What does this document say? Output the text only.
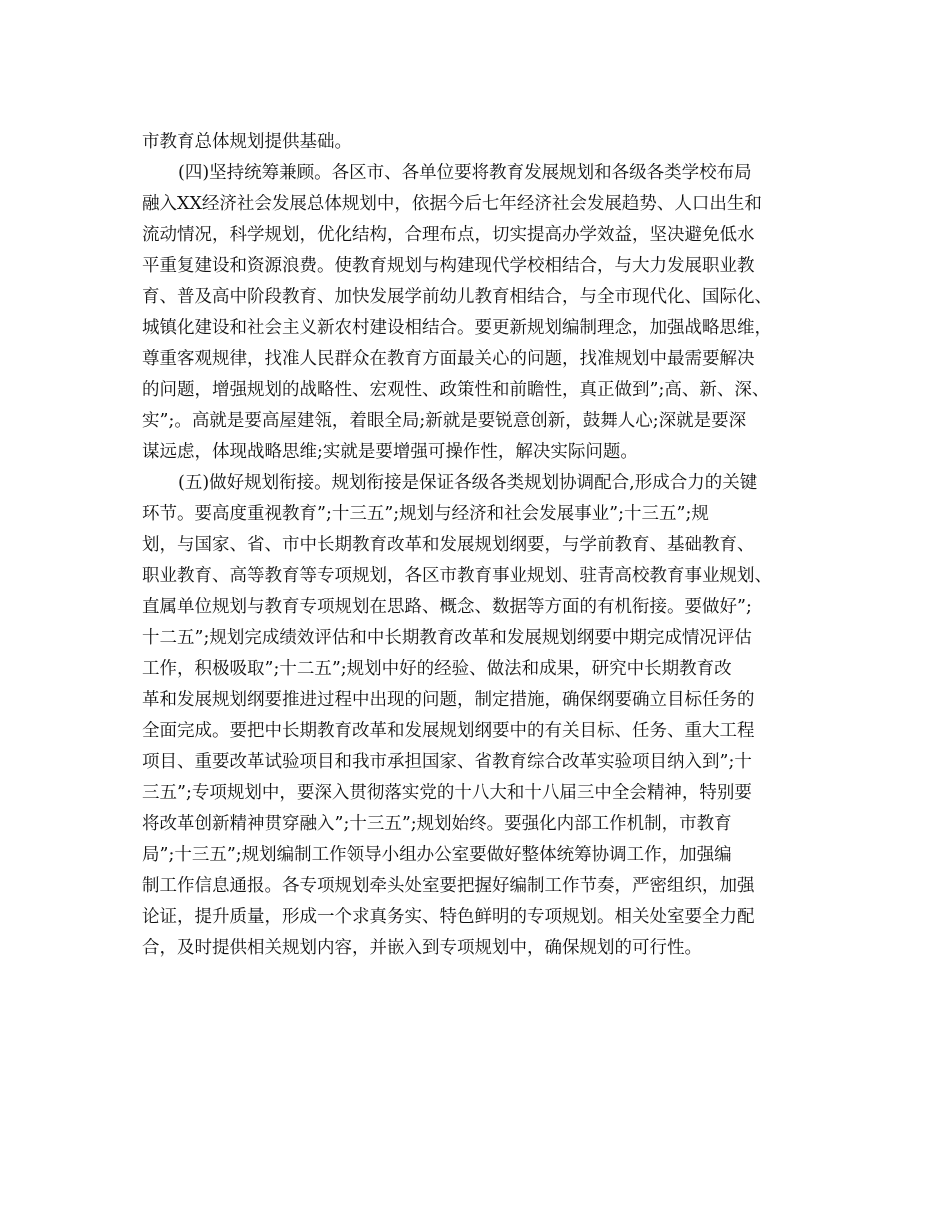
市教育总体规划提供基础。
(四)坚持统筹兼顾。各区市、各单位要将教育发展规划和各级各类学校布局
融入XX经济社会发展总体规划中，依据今后七年经济社会发展趋势、人口出生和
流动情况，科学规划，优化结构，合理布点，切实提高办学效益，坚决避免低水
平重复建设和资源浪费。使教育规划与构建现代学校相结合，与大力发展职业教
育、普及高中阶段教育、加快发展学前幼儿教育相结合，与全市现代化、国际化、
城镇化建设和社会主义新农村建设相结合。要更新规划编制理念，加强战略思维，
尊重客观规律，找准人民群众在教育方面最关心的问题，找准规划中最需要解决
的问题，增强规划的战略性、宏观性、政策性和前瞻性，真正做到”;高、新、深、
实”;。高就是要高屋建瓴，着眼全局;新就是要锐意创新，鼓舞人心;深就是要深
谋远虑，体现战略思维;实就是要增强可操作性，解决实际问题。
(五)做好规划衔接。规划衔接是保证各级各类规划协调配合,形成合力的关键
环节。要高度重视教育”;十三五”;规划与经济和社会发展事业”;十三五”;规
划，与国家、省、市中长期教育改革和发展规划纲要，与学前教育、基础教育、
职业教育、高等教育等专项规划，各区市教育事业规划、驻青高校教育事业规划、
直属单位规划与教育专项规划在思路、概念、数据等方面的有机衔接。要做好”;
十二五”;规划完成绩效评估和中长期教育改革和发展规划纲要中期完成情况评估
工作，积极吸取”;十二五”;规划中好的经验、做法和成果，研究中长期教育改
革和发展规划纲要推进过程中出现的问题，制定措施，确保纲要确立目标任务的
全面完成。要把中长期教育改革和发展规划纲要中的有关目标、任务、重大工程
项目、重要改革试验项目和我市承担国家、省教育综合改革实验项目纳入到”;十
三五”;专项规划中，要深入贯彻落实党的十八大和十八届三中全会精神，特别要
将改革创新精神贯穿融入”;十三五”;规划始终。要强化内部工作机制，市教育
局”;十三五”;规划编制工作领导小组办公室要做好整体统筹协调工作，加强编
制工作信息通报。各专项规划牵头处室要把握好编制工作节奏，严密组织，加强
论证，提升质量，形成一个求真务实、特色鲜明的专项规划。相关处室要全力配
合，及时提供相关规划内容，并嵌入到专项规划中，确保规划的可行性。
